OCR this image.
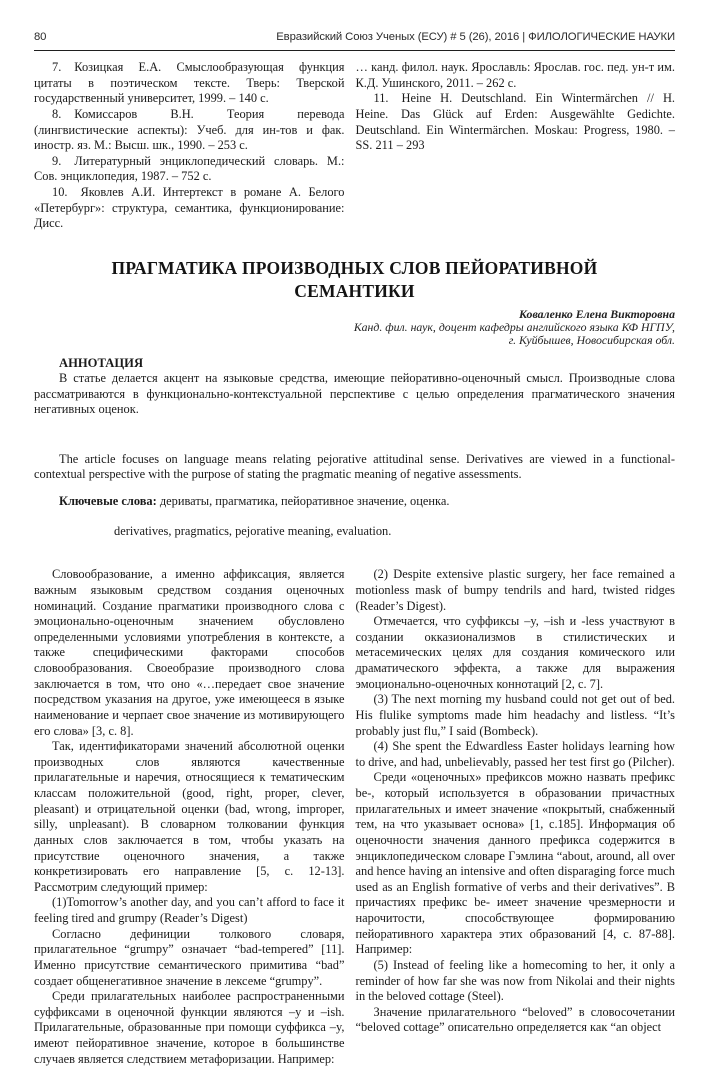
80	Евразийский Союз Ученых (ЕСУ) # 5 (26), 2016 | ФИЛОЛОГИЧЕСКИЕ НАУКИ

7. Козицкая Е.А. Смыслообразующая функция цитаты в поэтическом тексте. Тверь: Тверской государственный университет, 1999. – 140 с.

8. Комиссаров В.Н. Теория перевода (лингвистические аспекты): Учеб. для ин-тов и фак. иностр. яз. М.: Высш. шк., 1990. – 253 с.

9. Литературный энциклопедический словарь. М.: Сов. энциклопедия, 1987. – 752 с.

10. Яковлев А.И. Интертекст в романе А. Белого «Петербург»: структура, семантика, функционирование: Дисс.

… канд. филол. наук. Ярославль: Ярослав. гос. пед. ун-т им. К.Д. Ушинского, 2011. – 262 с.

11. Heine H. Deutschland. Ein Wintermärchen // H. Heine. Das Glück auf Erden: Ausgewählte Gedichte. Deutschland. Ein Wintermärchen. Moskau: Progress, 1980. – SS. 211 – 293

ПРАГМАТИКА ПРОИЗВОДНЫХ СЛОВ ПЕЙОРАТИВНОЙ СЕМАНТИКИ
Коваленко Елена Викторовна
Канд. фил. наук, доцент кафедры английского языка КФ НГПУ,
г. Куйбышев, Новосибирская обл.
АННОТАЦИЯ

В статье делается акцент на языковые средства, имеющие пейоративно-оценочный смысл. Производные слова рассматриваются в функционально-контекстуальной перспективе с целью определения прагматического значения негативных оценок.

The article focuses on language means relating pejorative attitudinal sense. Derivatives are viewed in a functional-contextual perspective with the purpose of stating the pragmatic meaning of negative assessments.

Ключевые слова: дериваты, прагматика, пейоративное значение, оценка.

derivatives, pragmatics, pejorative meaning, evaluation.

Словообразование, а именно аффиксация, является важным языковым средством создания оценочных номинаций. Создание прагматики производного слова с эмоционально-оценочным значением обусловлено определенными условиями употребления в контексте, а также специфическими факторами способов словообразования. Своеобразие производного слова заключается в том, что оно «…передает свое значение посредством указания на другое, уже имеющееся в языке наименование и черпает свое значение из мотивирующего его слова» [3, с. 8].

Так, идентификаторами значений абсолютной оценки производных слов являются качественные прилагательные и наречия, относящиеся к тематическим классам положительной (good, right, proper, clever, pleasant) и отрицательной оценки (bad, wrong, improper, silly, unpleasant). В словарном толковании функция данных слов заключается в том, чтобы указать на присутствие оценочного значения, а также конкретизировать его направление [5, с. 12-13]. Рассмотрим следующий пример:

(1)Tomorrow’s another day, and you can’t afford to face it feeling tired and grumpy (Reader’s Digest)

Согласно дефиниции толкового словаря, прилагательное “grumpy” означает “bad-tempered” [11]. Именно присутствие семантического примитива “bad” создает общенегативное значение в лексеме “grumpy”.

Среди прилагательных наиболее распространенными суффиксами в оценочной функции являются –y и –ish. Прилагательные, образованные при помощи суффикса –y, имеют пейоративное значение, которое в большинстве случаев является следствием метафоризации. Например:

(2) Despite extensive plastic surgery, her face remained a motionless mask of bumpy tendrils and hard, twisted ridges (Reader’s Digest).

Отмечается, что суффиксы –y, –ish и -less участвуют в создании окказионализмов в стилистических и метасемических целях для создания комического или драматического эффекта, а также для выражения эмоционально-оценочных коннотаций [2, с. 7].

(3) The next morning my husband could not get out of bed. His flulike symptoms made him headachy and listless. “It’s probably just flu,” I said (Bombeck).

(4) She spent the Edwardless Easter holidays learning how to drive, and had, unbelievably, passed her test first go (Pilcher).

Среди «оценочных» префиксов можно назвать префикс be-, который используется в образовании причастных прилагательных и имеет значение «покрытый, снабженный тем, на что указывает основа» [1, с.185]. Информация об оценочности значения данного префикса содержится в энциклопедическом словаре Гэмлина “about, around, all over and hence having an intensive and often disparaging force much used as an English formative of verbs and their derivatives”. В причастиях префикс be- имеет значение чрезмерности и нарочитости, способствующее формированию пейоративного характера этих образований [4, с. 87-88]. Например:

(5) Instead of feeling like a homecoming to her, it only a reminder of how far she was now from Nikolai and their nights in the beloved cottage (Steel).

Значение прилагательного “beloved” в словосочетании “beloved cottage” описательно определяется как “an object
